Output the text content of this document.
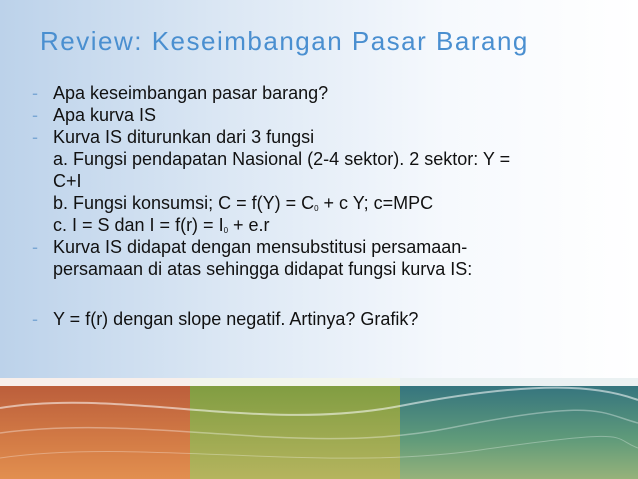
Review: Keseimbangan Pasar Barang
- Apa keseimbangan pasar barang?
- Apa kurva IS
- Kurva IS diturunkan dari 3 fungsi
a. Fungsi pendapatan Nasional (2-4 sektor). 2 sektor: Y =
C+I
b. Fungsi konsumsi; $C = f(Y) = C_0 + c$ Y; c=MPC
c. I = S dan $I = f(r) = I_0 + e.r$
- Kurva IS didapat dengan mensubstitusi persamaan-
persamaan di atas sehingga didapat fungsi kurva IS:
- Y = f(r) dengan slope negatif. Artinya? Grafik?
